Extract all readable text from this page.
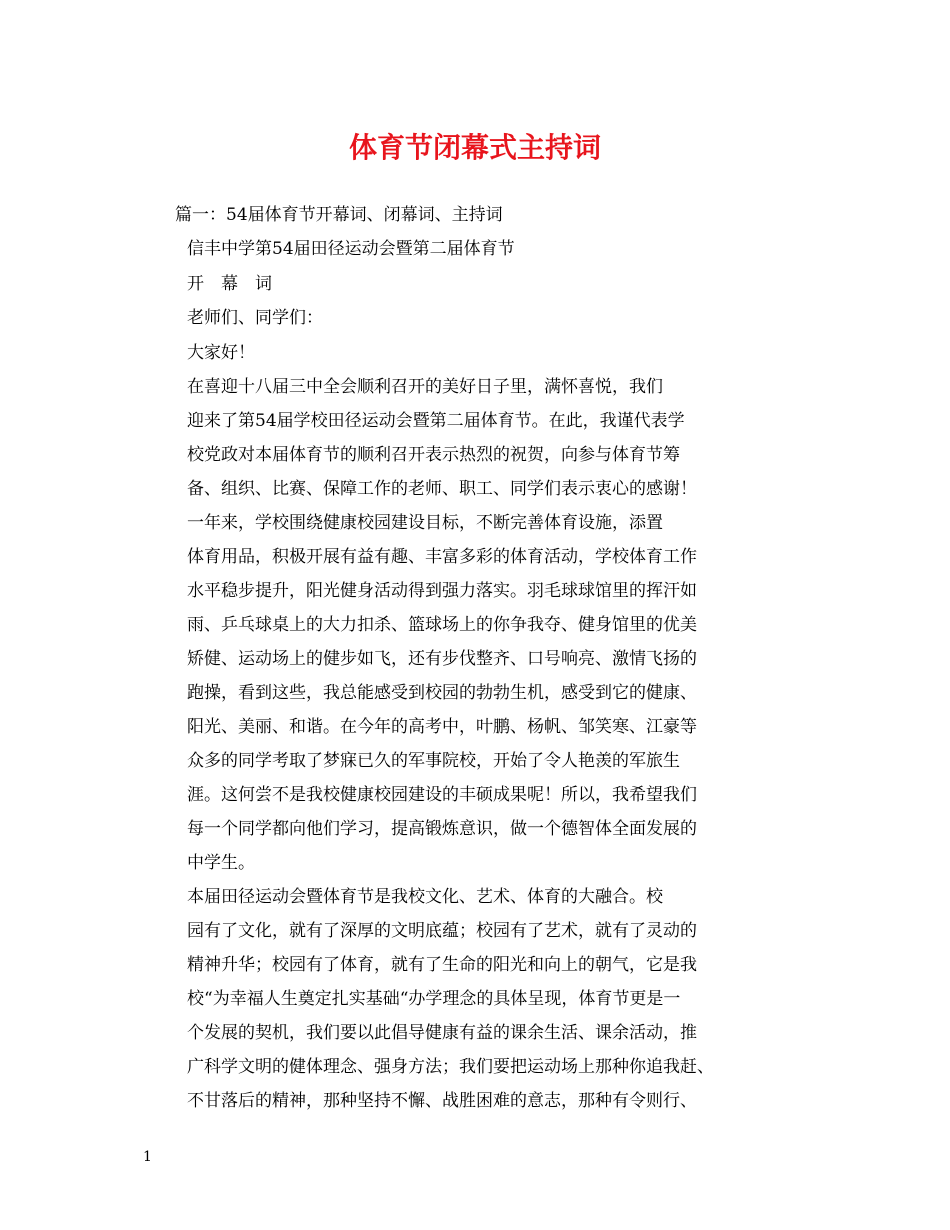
体育节闭幕式主持词
篇一：54届体育节开幕词、闭幕词、主持词
信丰中学第54届田径运动会暨第二届体育节
开　幕　词
老师们、同学们：
大家好！
在喜迎十八届三中全会顺利召开的美好日子里，满怀喜悦，我们
迎来了第54届学校田径运动会暨第二届体育节。在此，我谨代表学
校党政对本届体育节的顺利召开表示热烈的祝贺，向参与体育节筹
备、组织、比赛、保障工作的老师、职工、同学们表示衷心的感谢！
一年来，学校围绕健康校园建设目标，不断完善体育设施，添置
体育用品，积极开展有益有趣、丰富多彩的体育活动，学校体育工作
水平稳步提升，阳光健身活动得到强力落实。羽毛球球馆里的挥汗如
雨、乒乓球桌上的大力扣杀、篮球场上的你争我夺、健身馆里的优美
矫健、运动场上的健步如飞，还有步伐整齐、口号响亮、激情飞扬的
跑操，看到这些，我总能感受到校园的勃勃生机，感受到它的健康、
阳光、美丽、和谐。在今年的高考中，叶鹏、杨帆、邹笑寒、江豪等
众多的同学考取了梦寐已久的军事院校，开始了令人艳羡的军旅生
涯。这何尝不是我校健康校园建设的丰硕成果呢！所以，我希望我们
每一个同学都向他们学习，提高锻炼意识，做一个德智体全面发展的
中学生。
本届田径运动会暨体育节是我校文化、艺术、体育的大融合。校
园有了文化，就有了深厚的文明底蕴；校园有了艺术，就有了灵动的
精神升华；校园有了体育，就有了生命的阳光和向上的朝气，它是我
校“为幸福人生奠定扎实基础“办学理念的具体呈现，体育节更是一
个发展的契机，我们要以此倡导健康有益的课余生活、课余活动，推
广科学文明的健体理念、强身方法；我们要把运动场上那种你追我赶、
不甘落后的精神，那种坚持不懈、战胜困难的意志，那种有令则行、
1
